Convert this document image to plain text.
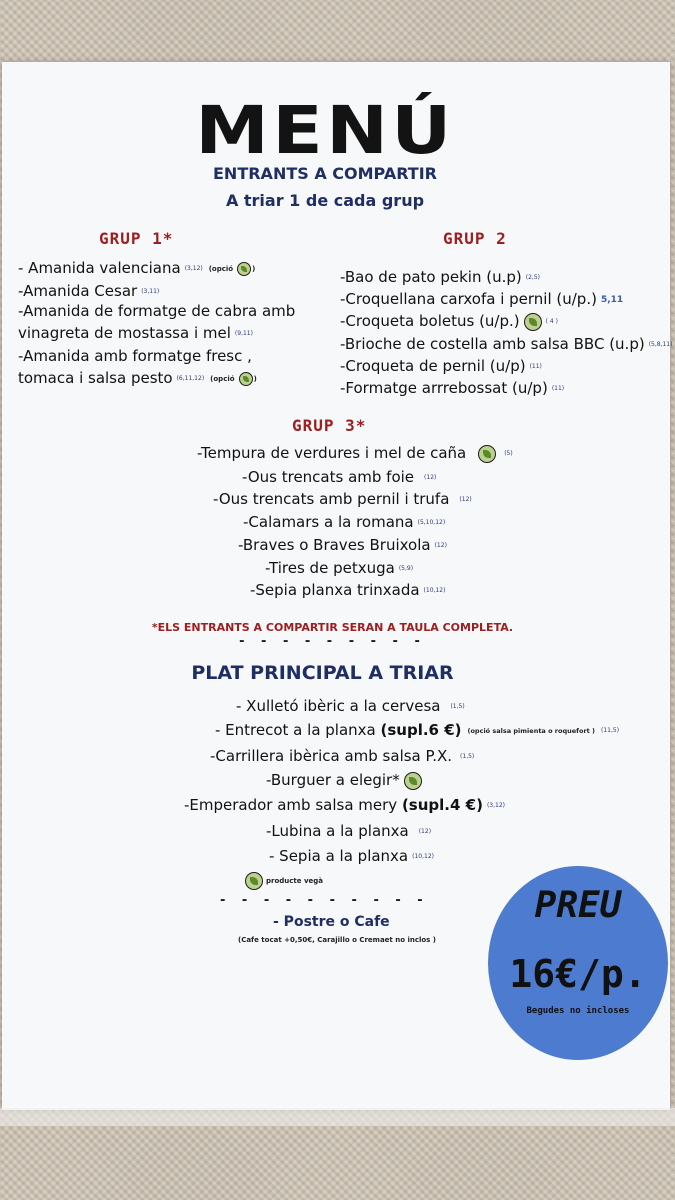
MENÚ
ENTRANTS A COMPARTIR
A triar 1 de cada grup
GRUP 1*
- Amanida valenciana (3,12) (opció	)
-Amanida Cesar (3,11)
-Amanida de formatge de cabra amb
vinagreta de mostassa i mel (9,11)
-Amanida amb formatge fresc ,
tomaca i salsa pesto (6,11,12) (opció	)
GRUP 2
-Bao de pato pekin (u.p) (2,5)
-Croquellana carxofa i pernil (u/p.) 5,11
-Croqueta boletus (u/p.)	( 4 )
-Brioche de costella amb salsa BBC (u.p) (5,8,11)
-Croqueta de pernil (u/p) (11)
-Formatge arrrebossat (u/p) (11)
GRUP 3*
-Tempura de verdures i mel de caña	(5)
-Ous trencats amb foie (12)
-Ous trencats amb pernil i trufa (12)
-Calamars a la romana (5,10,12)
-Braves o Braves Bruixola (12)
-Tires de petxuga (5,9)
-Sepia planxa trinxada (10,12)
*ELS ENTRANTS A COMPARTIR SERAN A TAULA COMPLETA.
- - - - - - - - -
PLAT PRINCIPAL A TRIAR
- Xulletó ibèric a la cervesa (1,5)
- Entrecot a la planxa (supl.6 €) (opció salsa pimienta o roquefort ) (11,5)
-Carrillera ibèrica amb salsa P.X. (1,5)
-Burguer a elegir*
-Emperador amb salsa mery (supl.4 €) (3,12)
-Lubina a la planxa (12)
- Sepia a la planxa (10,12)
producte vegà
- - - - - - - - - -
- Postre o Cafe
(Cafe tocat +0,50€, Carajillo o Cremaet no inclos )
PREU
16€/p.
Begudes no incloses
